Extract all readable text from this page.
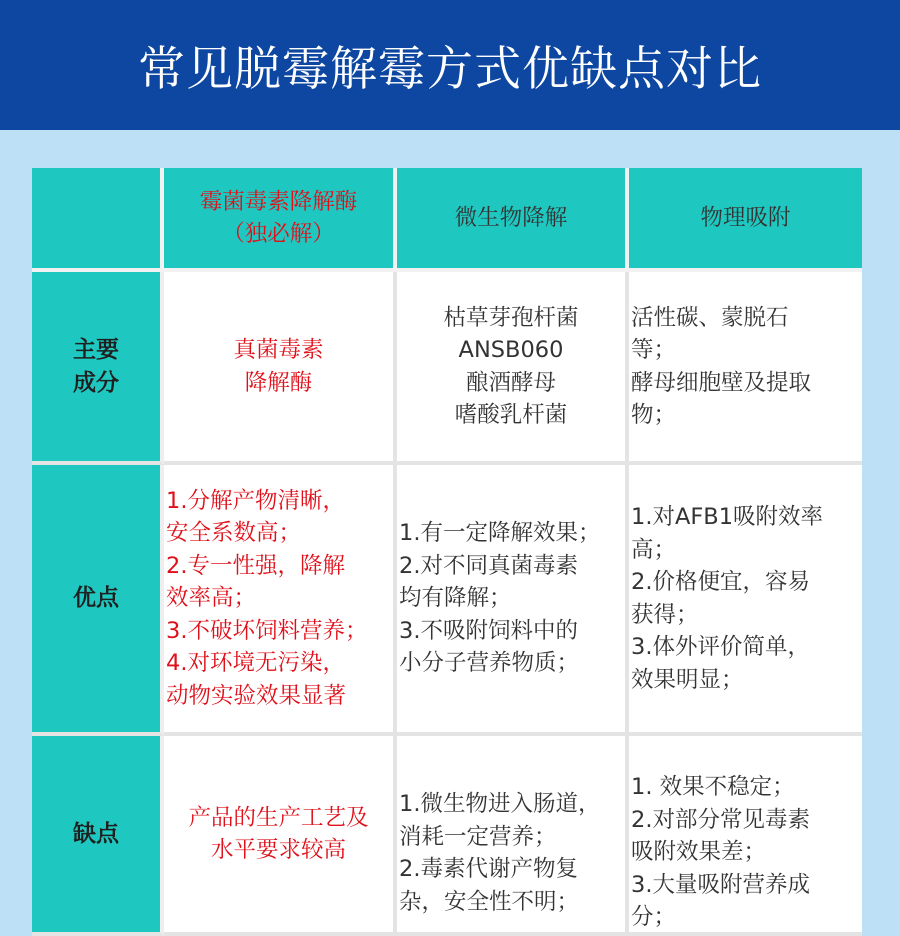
常见脱霉解霉方式优缺点对比
霉菌毒素降解酶
（独必解）
微生物降解	物理吸附
主要
成分
真菌毒素
降解酶
枯草芽孢杆菌
ANSB060
酿酒酵母
嗜酸乳杆菌
活性碳、蒙脱石
等；
酵母细胞壁及提取
物；
优点
1.分解产物清晰，
安全系数高；
2.专一性强，降解
效率高；
3.不破坏饲料营养；
4.对环境无污染，
动物实验效果显著
1.有一定降解效果；
2.对不同真菌毒素
均有降解；
3.不吸附饲料中的
小分子营养物质；
1.对AFB1吸附效率
高；
2.价格便宜，容易
获得；
3.体外评价简单，
效果明显；
缺点
产品的生产工艺及
水平要求较高
1.微生物进入肠道，
消耗一定营养；
2.毒素代谢产物复
杂，安全性不明；
1. 效果不稳定；
2.对部分常见毒素
吸附效果差；
3.大量吸附营养成
分；
